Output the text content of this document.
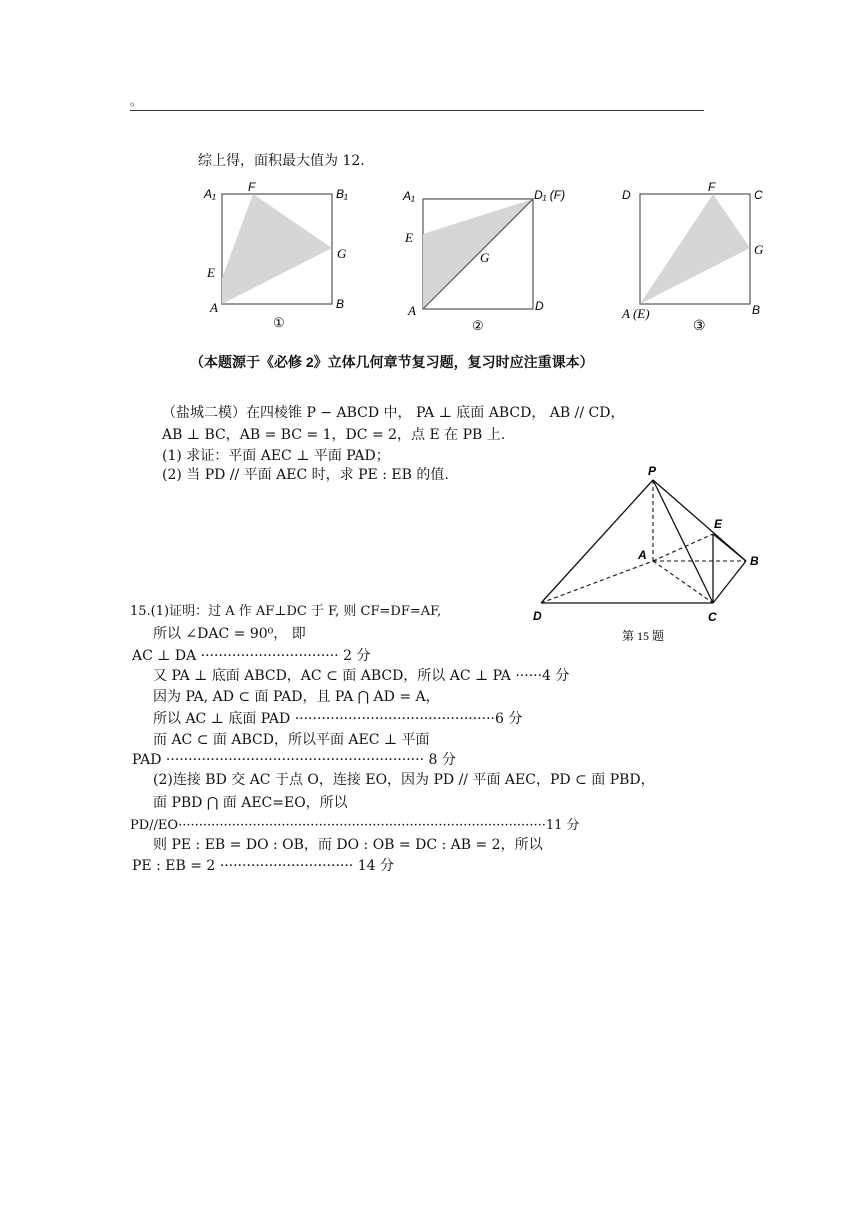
。
综上得，面积最大值为 12.
A₁	F	B₁
E
G
A	B
①
A₁	D₁ (F)
E
G
A	D
②
D
F
C
G
A (E)	B
③
（本题源于《必修 2》立体几何章节复习题，复习时应注重课本）
（盐城二模）在四棱锥 P − ABCD 中， PA ⊥ 底面 ABCD， AB // CD，
AB ⊥ BC，AB = BC = 1，DC = 2，点 E 在 PB 上.
(1) 求证：平面 AEC ⊥ 平面 PAD；
(2) 当 PD // 平面 AEC 时，求 PE : EB 的值.	P
E
A	B
D	C
第 15 题
15.(1)证明：过 A 作 AF⊥DC 于 F, 则 CF=DF=AF,
所以 ∠DAC = 90⁰， 即
AC ⊥ DA ······························· 2 分
又 PA ⊥ 底面 ABCD，AC ⊂ 面 ABCD，所以 AC ⊥ PA ······4 分
因为 PA, AD ⊂ 面 PAD，且 PA ⋂ AD = A，
所以 AC ⊥ 底面 PAD ·············································6 分
而 AC ⊂ 面 ABCD，所以平面 AEC ⊥ 平面
PAD ·························································· 8 分
(2)连接 BD 交 AC 于点 O，连接 EO，因为 PD // 平面 AEC，PD ⊂ 面 PBD，
面 PBD ⋂ 面 AEC=EO，所以
PD//EO·························································································11 分
则 PE : EB = DO : OB，而 DO : OB = DC : AB = 2，所以
PE : EB = 2 ······························ 14 分
